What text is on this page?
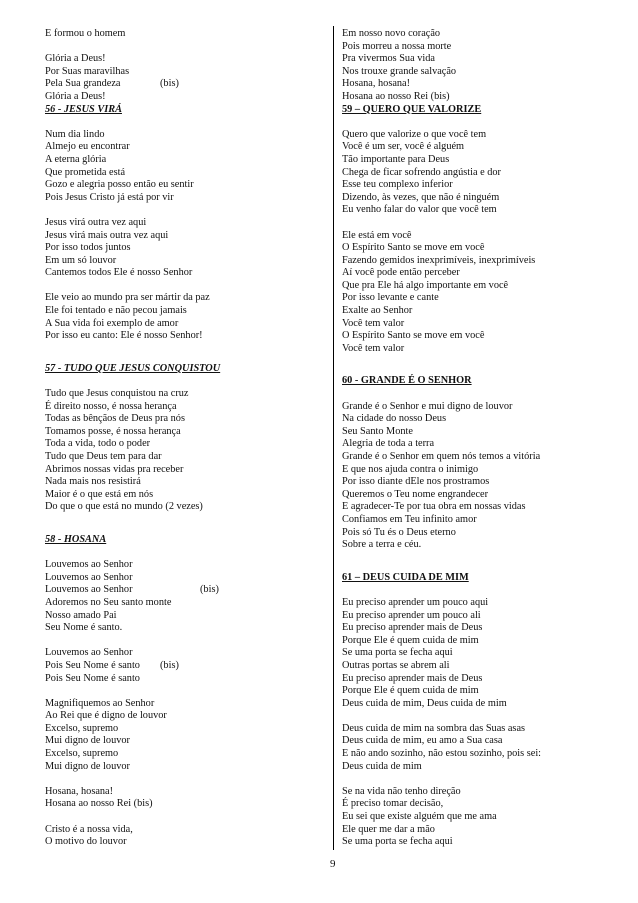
E formou o homem
Glória a Deus!
Por Suas maravilhas
Pela Sua grandeza	(bis)
Glória a Deus!
56 - JESUS VIRÁ
Num dia lindo
Almejo eu encontrar
A eterna glória
Que prometida está
Gozo e alegria posso então eu sentir
Pois Jesus Cristo já está por vir
Jesus virá outra vez aqui
Jesus virá mais outra vez aqui
Por isso todos juntos
Em um só louvor
Cantemos todos Ele é nosso Senhor
Ele veio ao mundo pra ser mártir da paz
Ele foi tentado e não pecou jamais
A Sua vida foi exemplo de amor
Por isso eu canto: Ele é nosso Senhor!
57 - TUDO QUE JESUS CONQUISTOU
Tudo que Jesus conquistou na cruz
É direito nosso, é nossa herança
Todas as bênçãos de Deus pra nós
Tomamos posse, é nossa herança
Toda a vida, todo o poder
Tudo que Deus tem para dar
Abrimos nossas vidas pra receber
Nada mais nos resistirá
Maior é o que está em nós
Do que o que está no mundo (2 vezes)
58 - HOSANA
Louvemos ao Senhor
Louvemos ao Senhor
Louvemos ao Senhor	(bis)
Adoremos no Seu santo monte
Nosso amado Pai
Seu Nome é santo.
Louvemos ao Senhor
Pois Seu Nome é santo (bis)
Pois Seu Nome é santo
Magnifiquemos ao Senhor
Ao Rei que é digno de louvor
Excelso, supremo
Mui digno de louvor
Excelso, supremo
Mui digno de louvor
Hosana, hosana!
Hosana ao nosso Rei (bis)
Cristo é a nossa vida,
O motivo do louvor
Em nosso novo coração
Pois morreu a nossa morte
Pra vivermos Sua vida
Nos trouxe grande salvação
Hosana, hosana!
Hosana ao nosso Rei (bis)
59 – QUERO QUE VALORIZE
Quero que valorize o que você tem
Você é um ser, você é alguém
Tão importante para Deus
Chega de ficar sofrendo angústia e dor
Esse teu complexo inferior
Dizendo, às vezes, que não é ninguém
Eu venho falar do valor que você tem
Ele está em você
O Espírito Santo se move em você
Fazendo gemidos inexprimíveis, inexprimíveis
Aí você pode então perceber
Que pra Ele há algo importante em você
Por isso levante e cante
Exalte ao Senhor
Você tem valor
O Espírito Santo se move em você
Você tem valor
60 - GRANDE É O SENHOR
Grande é o Senhor e mui digno de louvor
Na cidade do nosso Deus
Seu Santo Monte
Alegria de toda a terra
Grande é o Senhor em quem nós temos a vitória
E que nos ajuda contra o inimigo
Por isso diante dEle nos prostramos
Queremos o Teu nome engrandecer
E agradecer-Te por tua obra em nossas vidas
Confiamos em Teu infinito amor
Pois só Tu és o Deus eterno
Sobre a terra e céu.
61 – DEUS CUIDA DE MIM
Eu preciso aprender um pouco aqui
Eu preciso aprender um pouco ali
Eu preciso aprender mais de Deus
Porque Ele é quem cuida de mim
Se uma porta se fecha aqui
Outras portas se abrem ali
Eu preciso aprender mais de Deus
Porque Ele é quem cuida de mim
Deus cuida de mim, Deus cuida de mim
Deus cuida de mim na sombra das Suas asas
Deus cuida de mim, eu amo a Sua casa
E não ando sozinho, não estou sozinho, pois sei:
Deus cuida de mim
Se na vida não tenho direção
É preciso tomar decisão,
Eu sei que existe alguém que me ama
Ele quer me dar a mão
Se uma porta se fecha aqui
9
